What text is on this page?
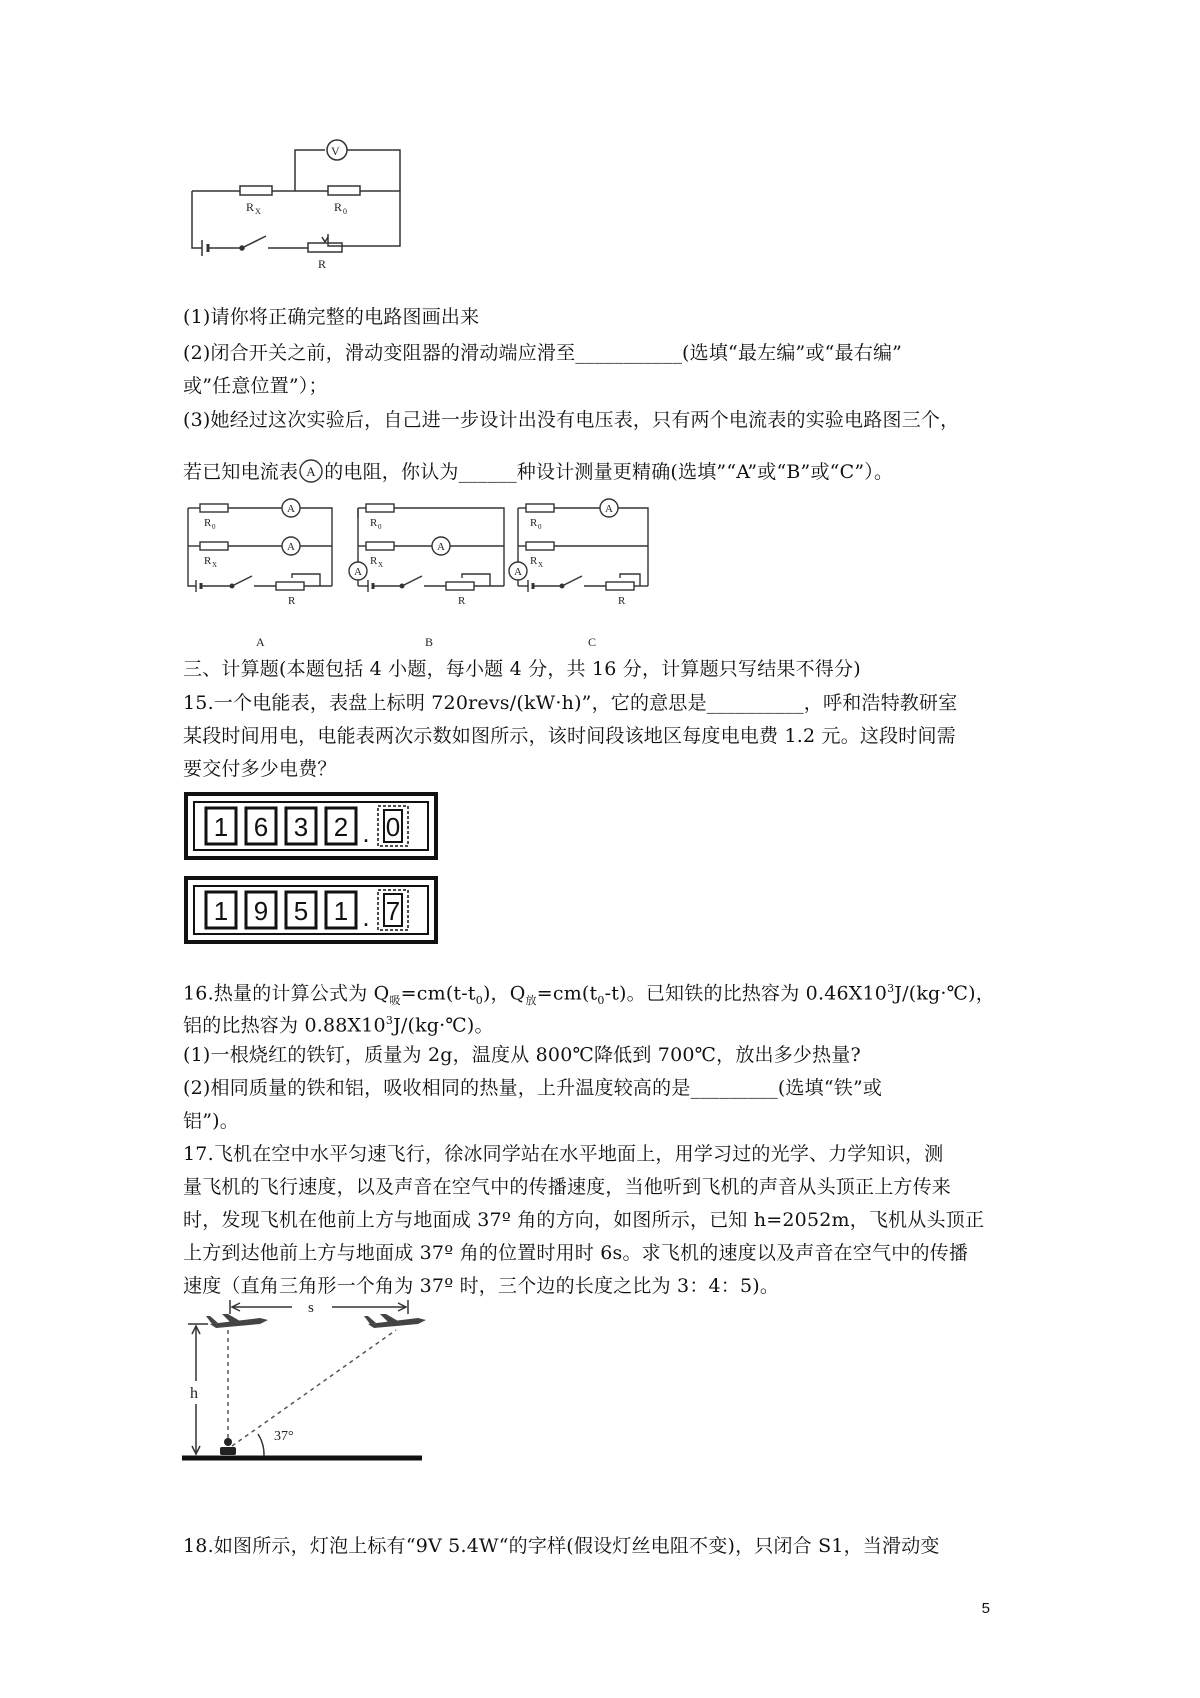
V
R X	R 0
R
(1)请你将正确完整的电路图画出来
(2)闭合开关之前，滑动变阻器的滑动端应滑至___________(选填“最左编”或“最右编”
或”任意位置”）；
(3)她经过这次实验后，自己进一步设计出没有电压表，只有两个电流表的实验电路图三个，
若已知电流表 A 的电阻，你认为______种设计测量更精确(选填”“A”或“B”或“C”）。
A
A
R 0
R X
R
A
A
R 0
R X
R
A
A
R 0
R X
R
A	B	C
三、计算题(本题包括 4 小题，每小题 4 分，共 16 分，计算题只写结果不得分)
15.一个电能表，表盘上标明 720revs/(kW·h)”，它的意思是__________，呼和浩特教研室
某段时间用电，电能表两次示数如图所示，该时间段该地区每度电电费 1.2 元。这段时间需
要交付多少电费？
1 6 3 2 . 0
1 9 5 1 . 7
16.热量的计算公式为 $Q_吸=cm(t-t_0)$，$Q_放=cm(t_0-t)$。已知铁的比热容为 $0.46X10^3J/(kg\cdot℃)$，
铝的比热容为 $0.88X10^3J/(kg\cdot℃)$。
(1)一根烧红的铁钉，质量为 2g，温度从 800℃降低到 700℃，放出多少热量?
(2)相同质量的铁和铝，吸收相同的热量，上升温度较高的是_________(选填“铁”或
铝”)。
17.飞机在空中水平匀速飞行，徐冰同学站在水平地面上，用学习过的光学、力学知识，测
量飞机的飞行速度，以及声音在空气中的传播速度，当他听到飞机的声音从头顶正上方传来
时，发现飞机在他前上方与地面成 37º 角的方向，如图所示，已知 h=2052m，飞机从头顶正
上方到达他前上方与地面成 37º 角的位置时用时 6s。求飞机的速度以及声音在空气中的传播
速度（直角三角形一个角为 37º 时，三个边的长度之比为 3：4：5)。
s
h
37°
18.如图所示，灯泡上标有“9V 5.4W“的字样(假设灯丝电阻不变)，只闭合 S1，当滑动变
5
